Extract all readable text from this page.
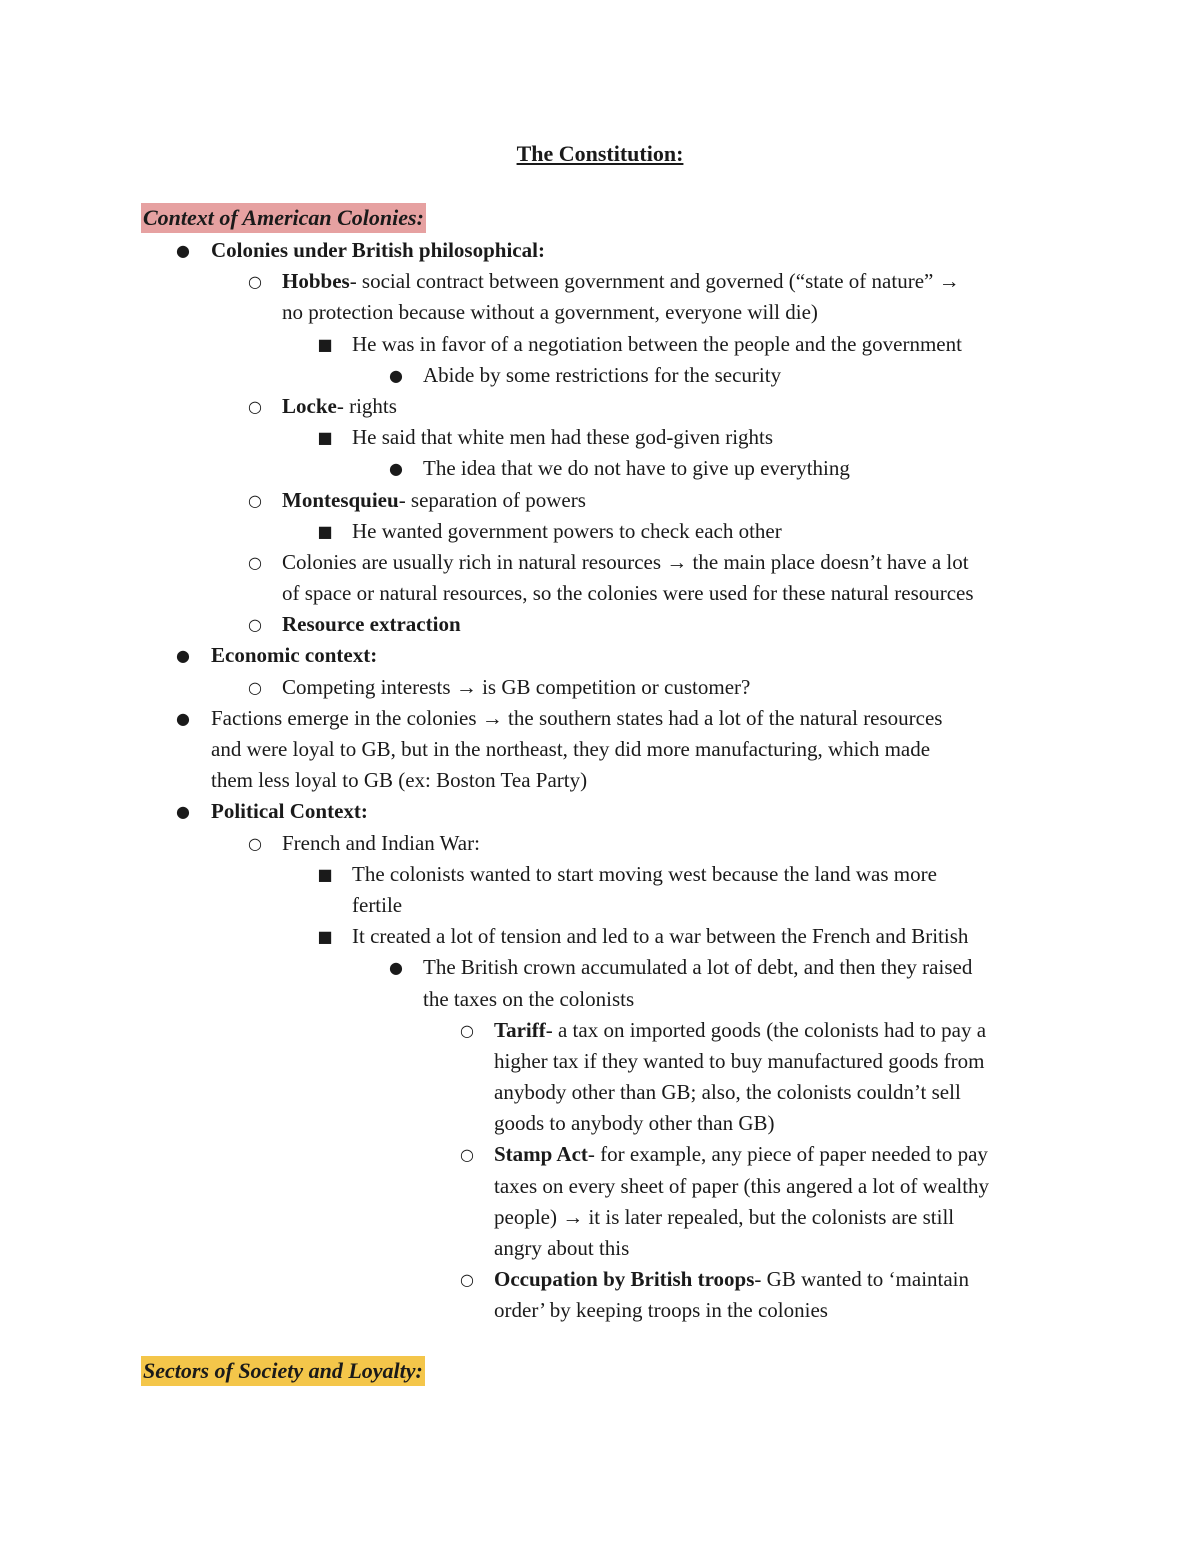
The Constitution:
Context of American Colonies:
● Colonies under British philosophical:
○ Hobbes- social contract between government and governed (“state of nature” →
no protection because without a government, everyone will die)
■ He was in favor of a negotiation between the people and the government
● Abide by some restrictions for the security
○ Locke- rights
■ He said that white men had these god-given rights
● The idea that we do not have to give up everything
○ Montesquieu- separation of powers
■ He wanted government powers to check each other
○ Colonies are usually rich in natural resources → the main place doesn’t have a lot
of space or natural resources, so the colonies were used for these natural resources
○ Resource extraction
● Economic context:
○ Competing interests → is GB competition or customer?
● Factions emerge in the colonies → the southern states had a lot of the natural resources
and were loyal to GB, but in the northeast, they did more manufacturing, which made
them less loyal to GB (ex: Boston Tea Party)
● Political Context:
○ French and Indian War:
■ The colonists wanted to start moving west because the land was more
fertile
■ It created a lot of tension and led to a war between the French and British
● The British crown accumulated a lot of debt, and then they raised
the taxes on the colonists
○ Tariff- a tax on imported goods (the colonists had to pay a
higher tax if they wanted to buy manufactured goods from
anybody other than GB; also, the colonists couldn’t sell
goods to anybody other than GB)
○ Stamp Act- for example, any piece of paper needed to pay
taxes on every sheet of paper (this angered a lot of wealthy
people) → it is later repealed, but the colonists are still
angry about this
○ Occupation by British troops- GB wanted to ‘maintain
order’ by keeping troops in the colonies
Sectors of Society and Loyalty:
